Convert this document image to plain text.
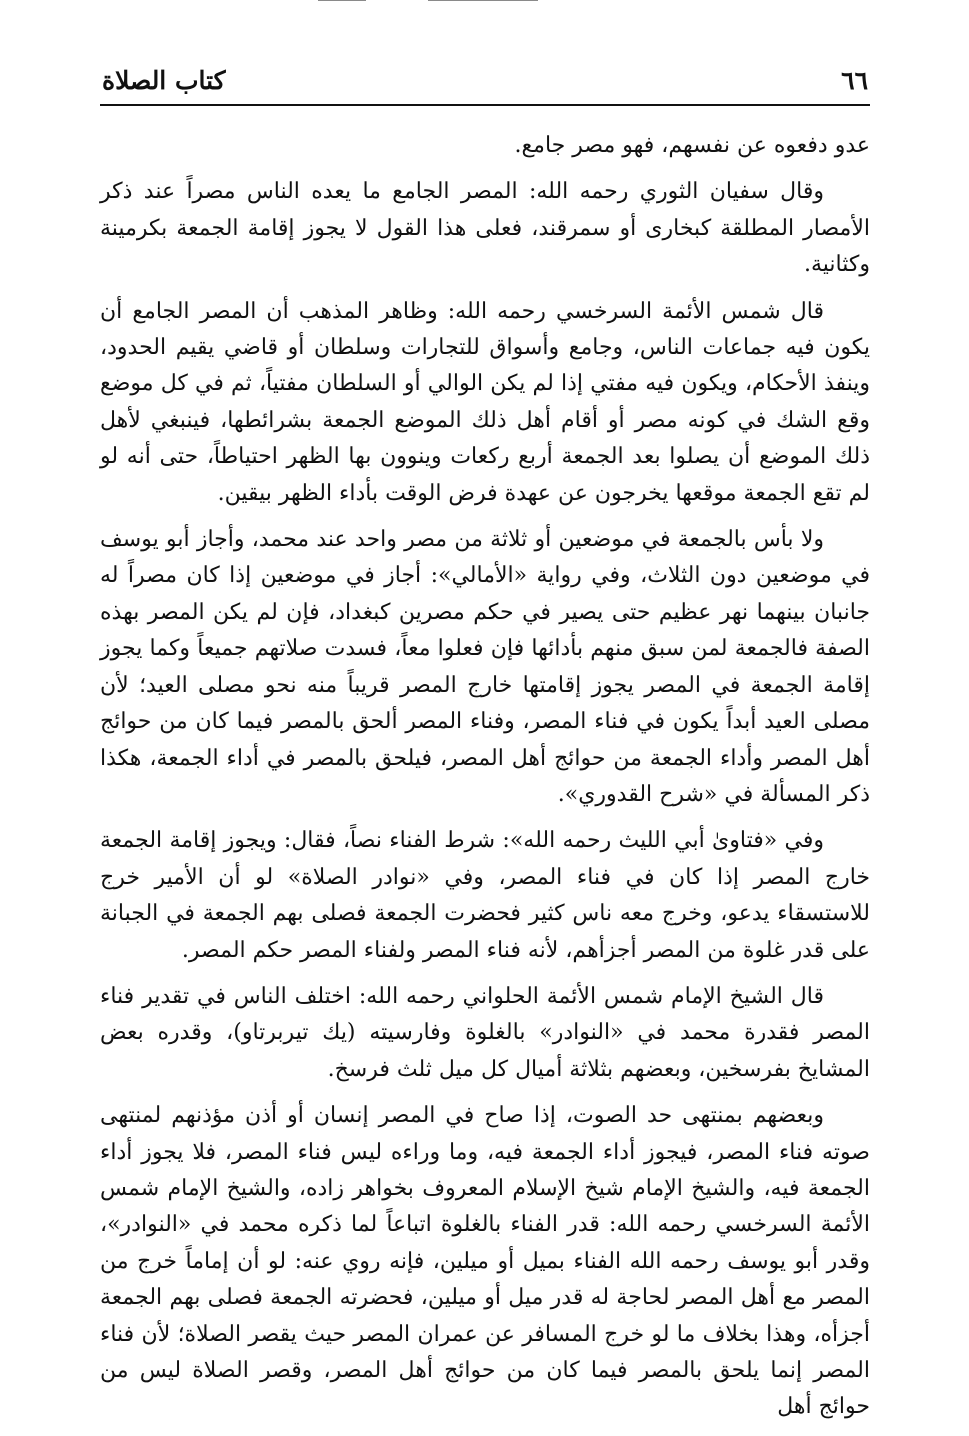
٦٦
كتاب الصلاة

عدو دفعوه عن نفسهم، فهو مصر جامع.

وقال سفيان الثوري رحمه الله: المصر الجامع ما يعده الناس مصراً عند ذكر الأمصار المطلقة كبخارى أو سمرقند، فعلى هذا القول لا يجوز إقامة الجمعة بكرمينة وكثانية.

قال شمس الأئمة السرخسي رحمه الله: وظاهر المذهب أن المصر الجامع أن يكون فيه جماعات الناس، وجامع وأسواق للتجارات وسلطان أو قاضي يقيم الحدود، وينفذ الأحكام، ويكون فيه مفتي إذا لم يكن الوالي أو السلطان مفتياً، ثم في كل موضع وقع الشك في كونه مصر أو أقام أهل ذلك الموضع الجمعة بشرائطها، فينبغي لأهل ذلك الموضع أن يصلوا بعد الجمعة أربع ركعات وينوون بها الظهر احتياطاً، حتى أنه لو لم تقع الجمعة موقعها يخرجون عن عهدة فرض الوقت بأداء الظهر بيقين.

ولا بأس بالجمعة في موضعين أو ثلاثة من مصر واحد عند محمد، وأجاز أبو يوسف في موضعين دون الثلاث، وفي رواية «الأمالي»: أجاز في موضعين إذا كان مصراً له جانبان بينهما نهر عظيم حتى يصير في حكم مصرين كبغداد، فإن لم يكن المصر بهذه الصفة فالجمعة لمن سبق منهم بأدائها فإن فعلوا معاً، فسدت صلاتهم جميعاً وكما يجوز إقامة الجمعة في المصر يجوز إقامتها خارج المصر قريباً منه نحو مصلى العيد؛ لأن مصلى العيد أبداً يكون في فناء المصر، وفناء المصر ألحق بالمصر فيما كان من حوائج أهل المصر وأداء الجمعة من حوائج أهل المصر، فيلحق بالمصر في أداء الجمعة، هكذا ذكر المسألة في «شرح القدوري».

وفي «فتاوىٰ أبي الليث رحمه الله»: شرط الفناء نصاً، فقال: ويجوز إقامة الجمعة خارج المصر إذا كان في فناء المصر، وفي «نوادر الصلاة» لو أن الأمير خرج للاستسقاء يدعو، وخرج معه ناس كثير فحضرت الجمعة فصلى بهم الجمعة في الجبانة على قدر غلوة من المصر أجزأهم، لأنه فناء المصر ولفناء المصر حكم المصر.

قال الشيخ الإمام شمس الأئمة الحلواني رحمه الله: اختلف الناس في تقدير فناء المصر فقدرة محمد في «النوادر» بالغلوة وفارسيته (يك تيربرتاو)، وقدره بعض المشايخ بفرسخين، وبعضهم بثلاثة أميال كل ميل ثلث فرسخ.

وبعضهم بمنتهى حد الصوت، إذا صاح في المصر إنسان أو أذن مؤذنهم لمنتهى صوته فناء المصر، فيجوز أداء الجمعة فيه، وما وراءه ليس فناء المصر، فلا يجوز أداء الجمعة فيه، والشيخ الإمام شيخ الإسلام المعروف بخواهر زاده، والشيخ الإمام شمس الأئمة السرخسي رحمه الله: قدر الفناء بالغلوة اتباعاً لما ذكره محمد في «النوادر»، وقدر أبو يوسف رحمه الله الفناء بميل أو ميلين، فإنه روي عنه: لو أن إماماً خرج من المصر مع أهل المصر لحاجة له قدر ميل أو ميلين، فحضرته الجمعة فصلى بهم الجمعة أجزأه، وهذا بخلاف ما لو خرج المسافر عن عمران المصر حيث يقصر الصلاة؛ لأن فناء المصر إنما يلحق بالمصر فيما كان من حوائج أهل المصر، وقصر الصلاة ليس من حوائج أهل
